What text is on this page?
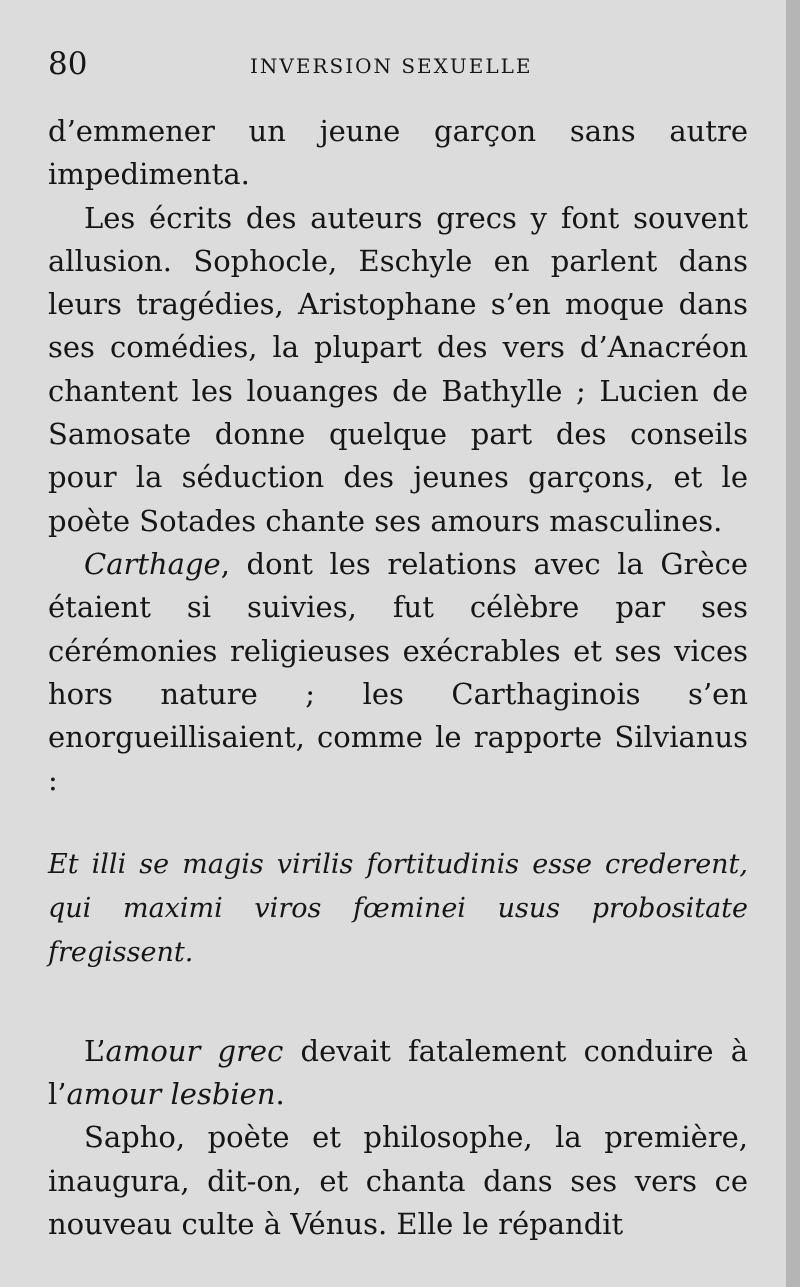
80	INVERSION SEXUELLE

d’emmener un jeune garçon sans autre impedimenta.

Les écrits des auteurs grecs y font souvent allusion. Sophocle, Eschyle en parlent dans leurs tragédies, Aristophane s’en moque dans ses comédies, la plupart des vers d’Anacréon chantent les louanges de Bathylle ; Lucien de Samosate donne quelque part des conseils pour la séduction des jeunes garçons, et le poète Sotades chante ses amours masculines.

Carthage, dont les relations avec la Grèce étaient si suivies, fut célèbre par ses cérémonies religieuses exécrables et ses vices hors nature ; les Carthaginois s’en enorgueillisaient, comme le rapporte Silvianus :

Et illi se magis virilis fortitudinis esse crederent, qui maximi viros fœminei usus probositate fregissent.

L’amour grec devait fatalement conduire à l’amour lesbien.

Sapho, poète et philosophe, la première, inaugura, dit-on, et chanta dans ses vers ce nouveau culte à Vénus. Elle le répandit
